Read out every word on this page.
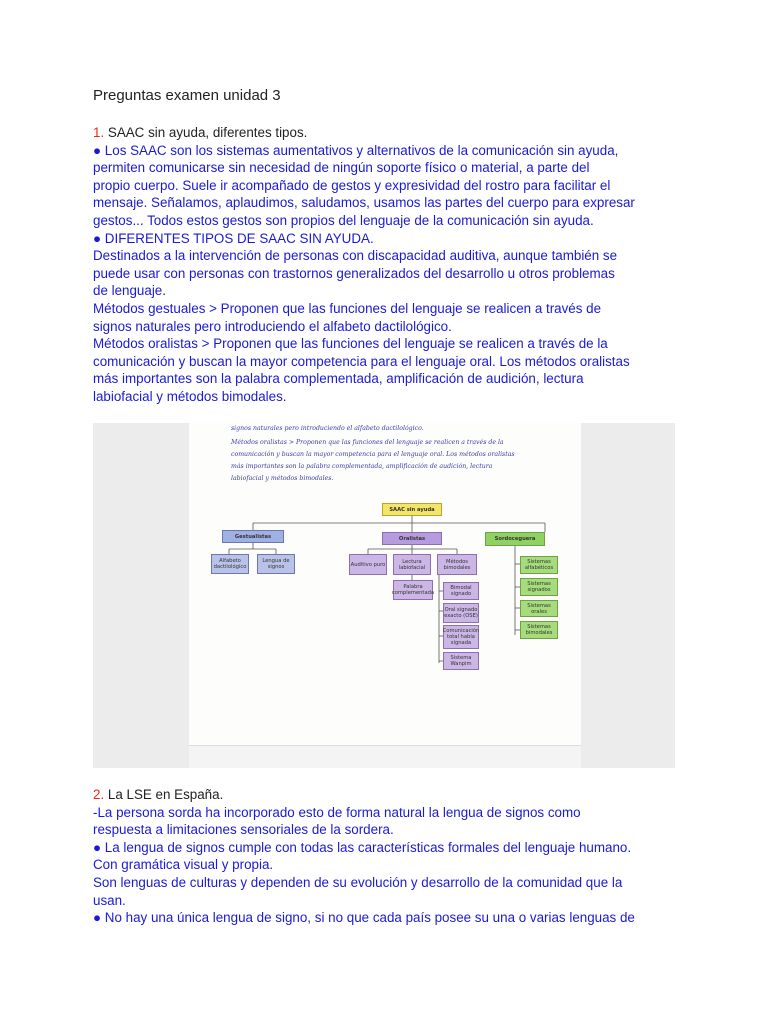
Preguntas examen unidad 3

1. SAAC sin ayuda, diferentes tipos.

● Los SAAC son los sistemas aumentativos y alternativos de la comunicación sin ayuda,

permiten comunicarse sin necesidad de ningún soporte físico o material, a parte del

propio cuerpo. Suele ir acompañado de gestos y expresividad del rostro para facilitar el

mensaje. Señalamos, aplaudimos, saludamos, usamos las partes del cuerpo para expresar

gestos... Todos estos gestos son propios del lenguaje de la comunicación sin ayuda.

● DIFERENTES TIPOS DE SAAC SIN AYUDA.

Destinados a la intervención de personas con discapacidad auditiva, aunque también se

puede usar con personas con trastornos generalizados del desarrollo u otros problemas

de lenguaje.

Métodos gestuales > Proponen que las funciones del lenguaje se realicen a través de

signos naturales pero introduciendo el alfabeto dactilológico.

Métodos oralistas > Proponen que las funciones del lenguaje se realicen a través de la

comunicación y buscan la mayor competencia para el lenguaje oral. Los métodos oralistas

más importantes son la palabra complementada, amplificación de audición, lectura

labiofacial y métodos bimodales.

signos naturales pero introduciendo el alfabeto dactilológico.
Métodos oralistas > Proponen que las funciones del lenguaje se realicen a través de la
comunicación y buscan la mayor competencia para el lenguaje oral. Los métodos oralistas
más importantes son la palabra complementada, amplificación de audición, lectura
labiofacial y métodos bimodales.
SAAC sin ayuda
Gestualistas
Alfabeto dactilológico
Lengua de signos
Oralistas
Auditivo puro	Lectura labiofacial
Métodos bimodales
Palabra complementada
Bimodal signado
Oral signado exacto (OSE)
Comunicación total habla signada
Sistema Wanpim
Sordoceguera
Sistemas alfabéticos
Sistemas signados
Sistemas orales
Sistemas bimodales

2. La LSE en España.

-La persona sorda ha incorporado esto de forma natural la lengua de signos como

respuesta a limitaciones sensoriales de la sordera.

● La lengua de signos cumple con todas las características formales del lenguaje humano.

Con gramática visual y propia.

Son lenguas de culturas y dependen de su evolución y desarrollo de la comunidad que la

usan.

● No hay una única lengua de signo, si no que cada país posee su una o varias lenguas de
